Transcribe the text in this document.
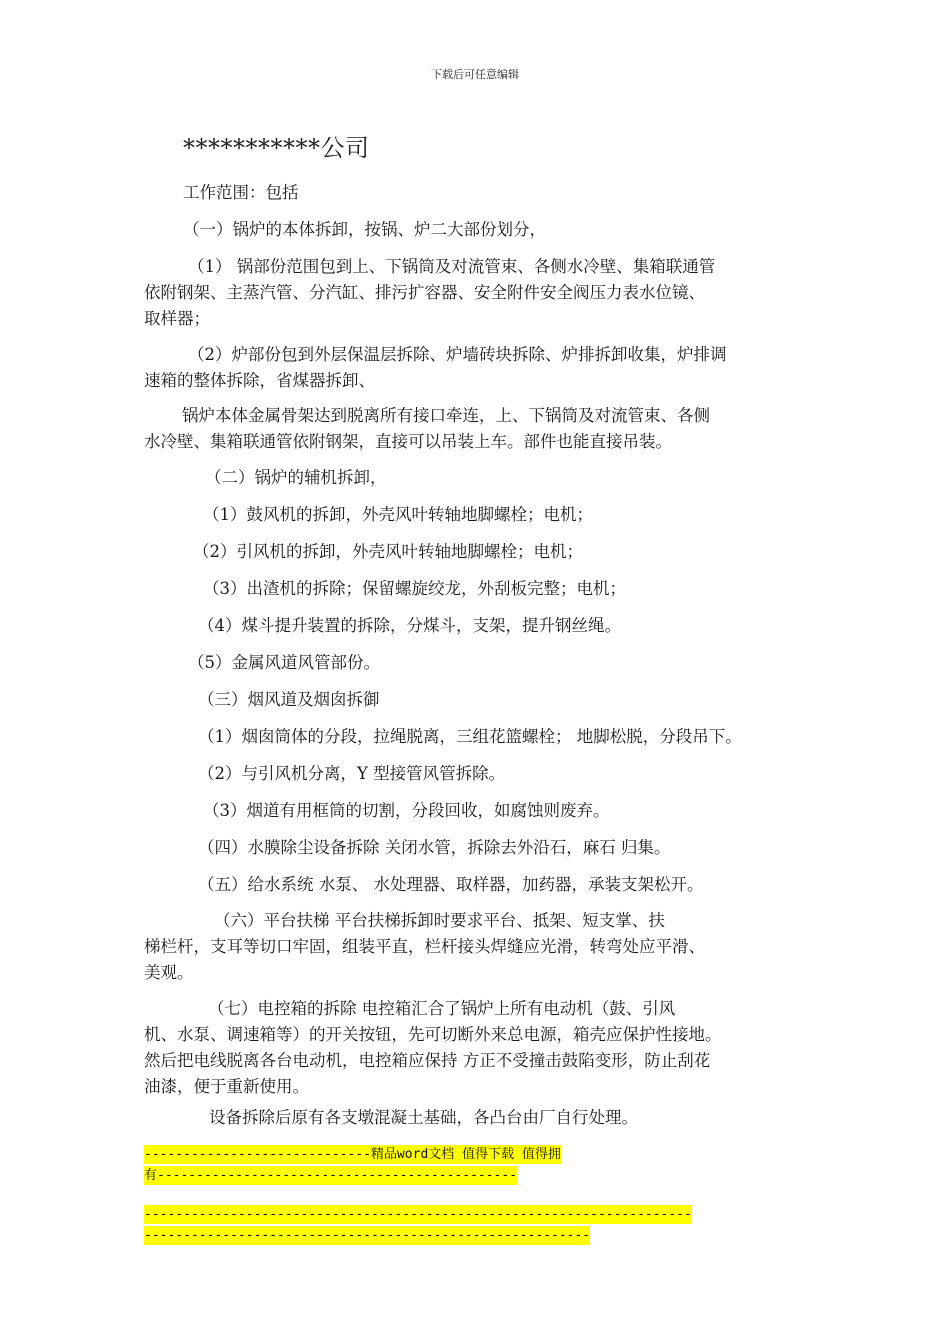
下载后可任意编辑
***********公司
工作范围：包括
（一）锅炉的本体拆卸，按锅、炉二大部份划分，
（1） 锅部份范围包到上、下锅筒及对流管束、各侧水冷壁、集箱联通管
依附钢架、主蒸汽管、分汽缸、排污扩容器、安全附件安全阀压力表水位镜、
取样器；
（2）炉部份包到外层保温层拆除、炉墙砖块拆除、炉排拆卸收集，炉排调
速箱的整体拆除，省煤器拆卸、
锅炉本体金属骨架达到脱离所有接口牵连，上、下锅筒及对流管束、各侧
水冷壁、集箱联通管依附钢架，直接可以吊装上车。部件也能直接吊装。
（二）锅炉的辅机拆卸，
（1）鼓风机的拆卸，外壳风叶转轴地脚螺栓；电机；
（2）引风机的拆卸，外壳风叶转轴地脚螺栓；电机；
（3）出渣机的拆除；保留螺旋绞龙，外刮板完整；电机；
（4）煤斗提升装置的拆除，分煤斗，支架，提升钢丝绳。
（5）金属风道风管部份。
（三）烟风道及烟囱拆御
（1）烟囱筒体的分段，拉绳脱离，三组花篮螺栓； 地脚松脱，分段吊下。
（2）与引风机分离，Y 型接管风管拆除。
（3）烟道有用框筒的切割，分段回收，如腐蚀则废弃。
（四）水膜除尘设备拆除 关闭水管，拆除去外沿石，麻石 归集。
（五）给水系统 水泵、 水处理器、取样器，加药器，承装支架松开。
（六）平台扶梯 平台扶梯拆卸时要求平台、抵架、短支掌、扶
梯栏杆，支耳等切口牢固，组装平直，栏杆接头焊缝应光滑，转弯处应平滑、
美观。
（七）电控箱的拆除 电控箱汇合了锅炉上所有电动机（鼓、引风
机、水泵、调速箱等）的开关按钮，先可切断外来总电源，箱壳应保护性接地。
然后把电线脱离各台电动机，电控箱应保持 方正不受撞击鼓陷变形，防止刮花
油漆，便于重新使用。
设备拆除后原有各支墩混凝土基础，各凸台由厂自行处理。
-----------------------------精品word文档 值得下载 值得拥
有----------------------------------------------
----------------------------------------------------------------------
---------------------------------------------------------
